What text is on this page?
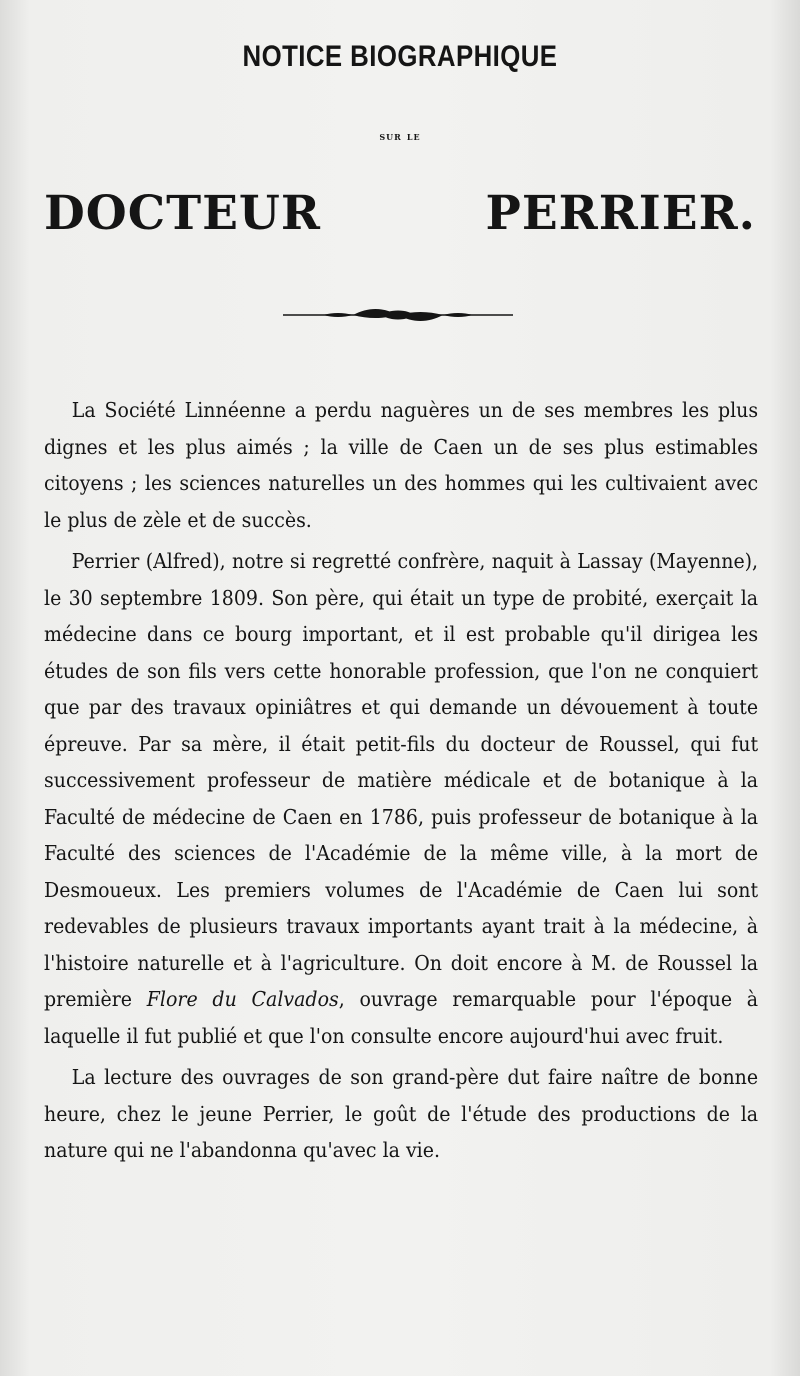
NOTICE BIOGRAPHIQUE
sur le
DOCTEUR PERRIER.

La Société Linnéenne a perdu naguères un de ses membres les plus dignes et les plus aimés ; la ville de Caen un de ses plus estimables citoyens ; les sciences naturelles un des hommes qui les cultivaient avec le plus de zèle et de succès.

Perrier (Alfred), notre si regretté confrère, naquit à Lassay (Mayenne), le 30 septembre 1809. Son père, qui était un type de probité, exerçait la médecine dans ce bourg important, et il est probable qu'il dirigea les études de son fils vers cette honorable profession, que l'on ne conquiert que par des travaux opiniâtres et qui demande un dévouement à toute épreuve. Par sa mère, il était petit-fils du docteur de Roussel, qui fut successivement professeur de matière médicale et de botanique à la Faculté de médecine de Caen en 1786, puis professeur de botanique à la Faculté des sciences de l'Académie de la même ville, à la mort de Desmoueux. Les premiers volumes de l'Académie de Caen lui sont redevables de plusieurs travaux importants ayant trait à la médecine, à l'histoire naturelle et à l'agriculture. On doit encore à M. de Roussel la première Flore du Calvados, ouvrage remarquable pour l'époque à laquelle il fut publié et que l'on consulte encore aujourd'hui avec fruit.

La lecture des ouvrages de son grand-père dut faire naître de bonne heure, chez le jeune Perrier, le goût de l'étude des productions de la nature qui ne l'abandonna qu'avec la vie.
